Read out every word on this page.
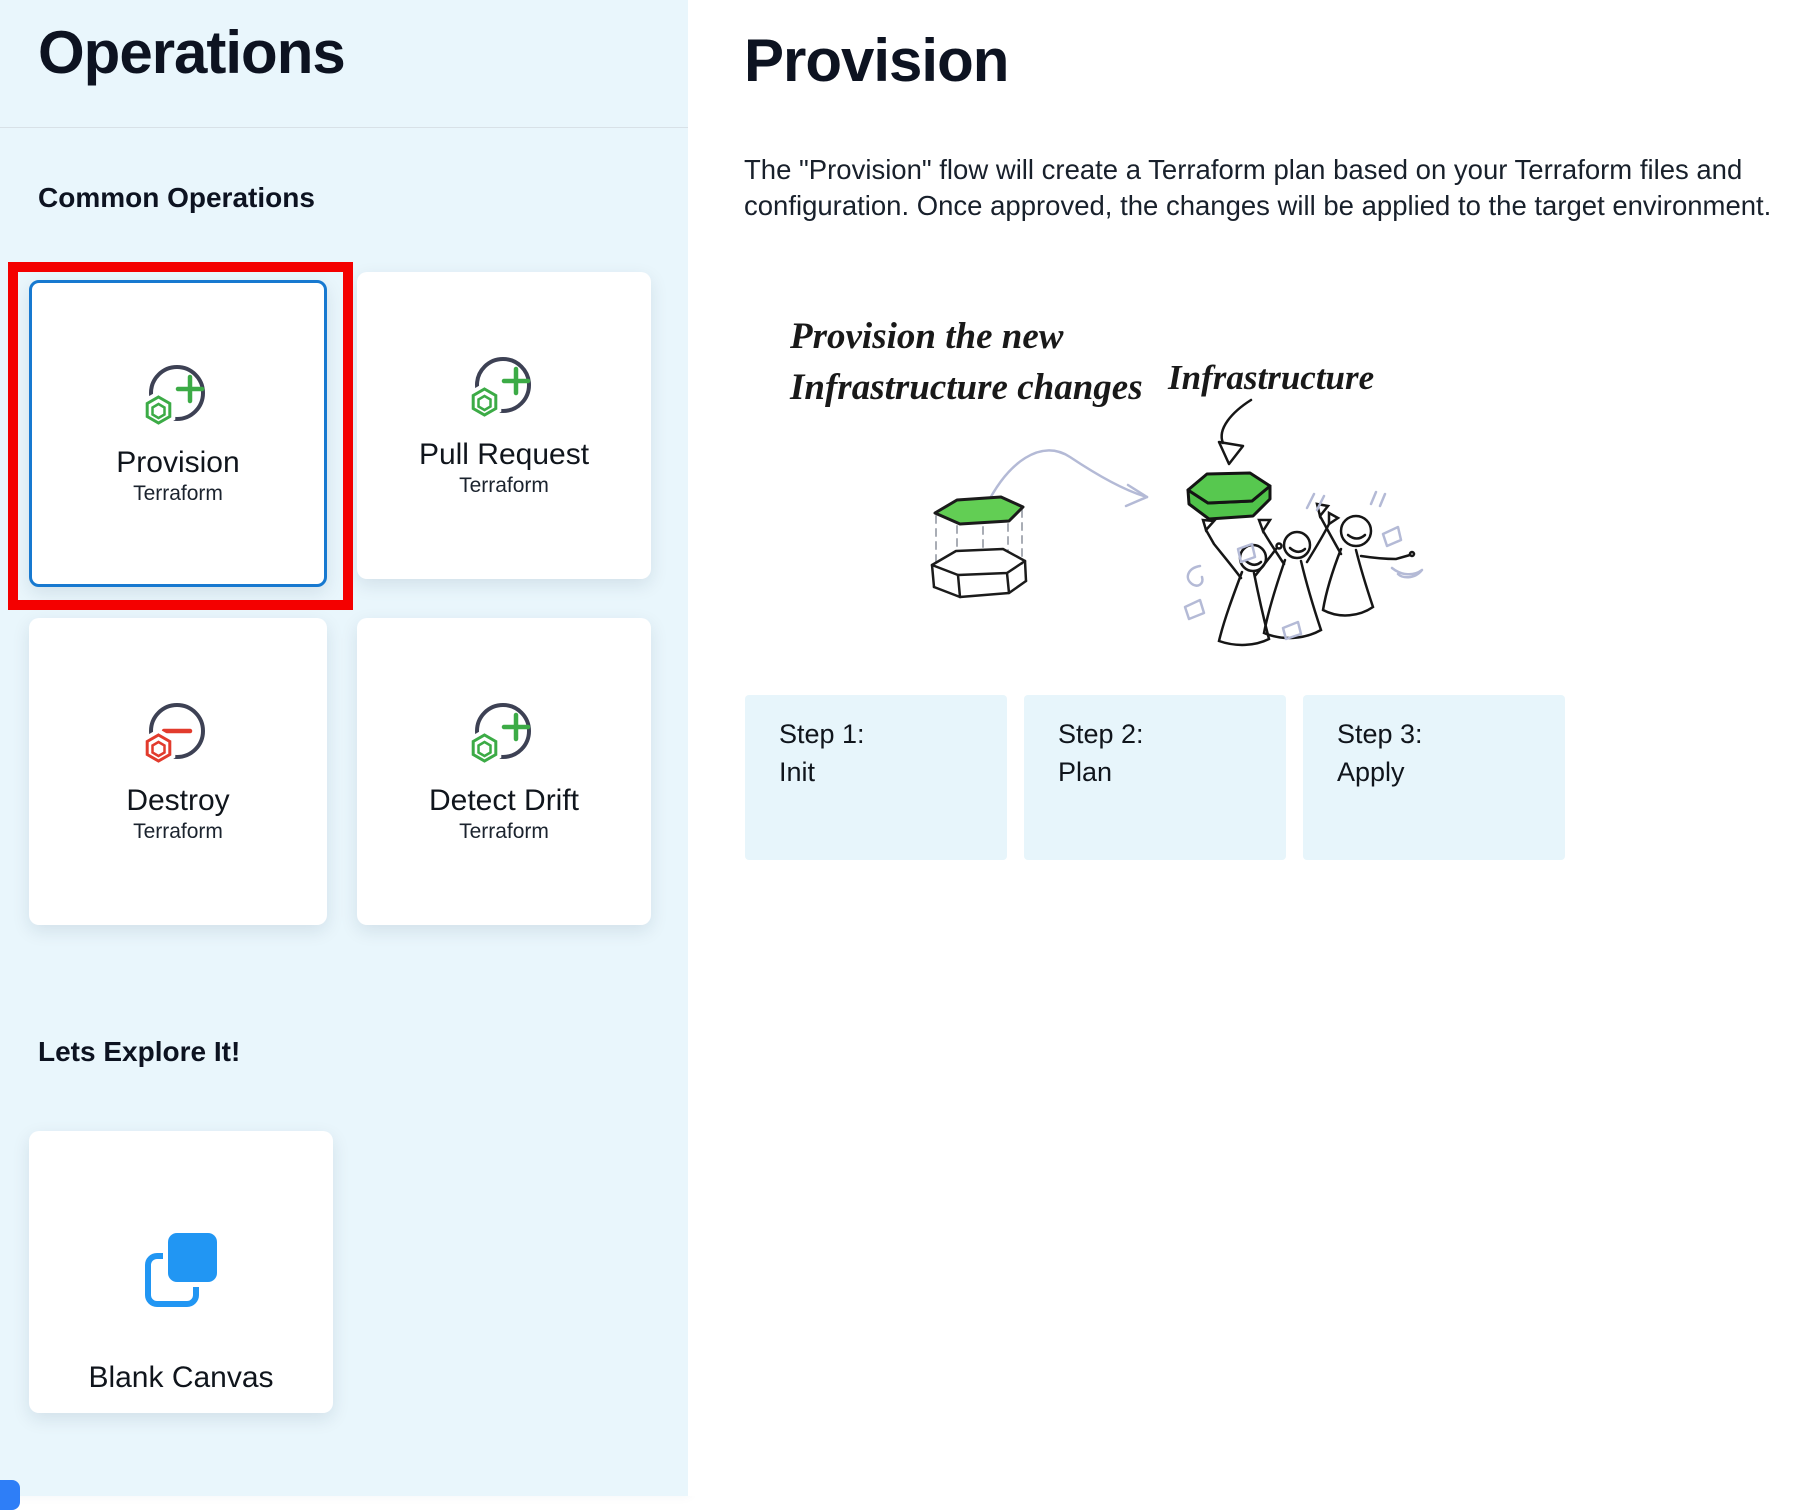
Operations
Common Operations
Provision
Terraform
Pull Request
Terraform
Destroy
Terraform
Detect Drift
Terraform
Lets Explore It!
Blank Canvas
Provision

The "Provision" flow will create a Terraform plan based on your Terraform files and configuration. Once approved, the changes will be applied to the target environment.

Provision the new
Infrastructure changes Infrastructure
Step 1:
Init
Step 2:
Plan
Step 3:
Apply
